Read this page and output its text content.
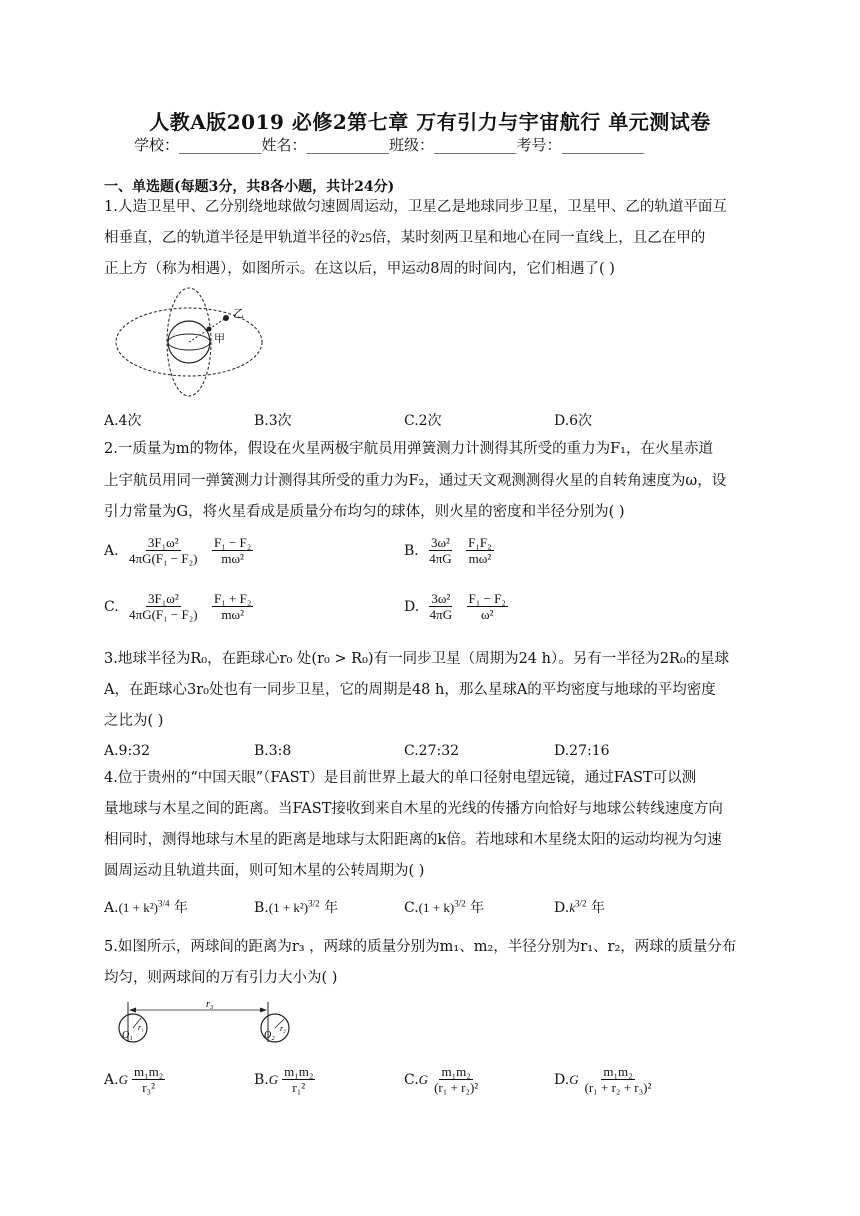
人教A版2019 必修2第七章 万有引力与宇宙航行 单元测试卷
学校：___________姓名：___________班级：___________考号：___________
一、单选题(每题3分，共8各小题，共计24分)
1.人造卫星甲、乙分别绕地球做匀速圆周运动，卫星乙是地球同步卫星，卫星甲、乙的轨道平面互
相垂直，乙的轨道半径是甲轨道半径的∛25倍，某时刻两卫星和地心在同一直线上，且乙在甲的
正上方（称为相遇），如图所示。在这以后，甲运动8周的时间内，它们相遇了( )
乙
甲
A.4次	B.3次	C.2次	D.6次
2.一质量为m的物体，假设在火星两极宇航员用弹簧测力计测得其所受的重力为F₁，在火星赤道
上宇航员用同一弹簧测力计测得其所受的重力为F₂，通过天文观测测得火星的自转角速度为ω，设
引力常量为G，将火星看成是质量分布均匀的球体，则火星的密度和半径分别为( )
A. $\frac{\text{3F₁ω²}}{\text{4πG(F₁ − F₂)}}$
$\frac{\text{F₁ − F₂}}{\text{mω²}}$	B. $\frac{\text{3ω²}}{4\pi G}$
$\frac{\text{F₁F₂}}{\text{mω²}}$
C. $\frac{\text{3F₁ω²}}{\text{4πG(F₁ − F₂)}}$
$\frac{\text{F₁ + F₂}}{\text{mω²}}$	D. $\frac{\text{3ω²}}{4\pi G}$
$\frac{\text{F₁ − F₂}}{\text{ω²}}$
3.地球半径为R₀，在距球心r₀ 处(r₀ > R₀)有一同步卫星（周期为24 h）。另有一半径为2R₀的星球
A，在距球心3r₀处也有一同步卫星，它的周期是48 h，那么星球A的平均密度与地球的平均密度
之比为( )
A.9:32	B.3:8	C.27:32	D.27:16
4.位于贵州的“中国天眼”（FAST）是目前世界上最大的单口径射电望远镜，通过FAST可以测
量地球与木星之间的距离。当FAST接收到来自木星的光线的传播方向恰好与地球公转线速度方向
相同时，测得地球与木星的距离是地球与太阳距离的k倍。若地球和木星绕太阳的运动均视为匀速
圆周运动且轨道共面，则可知木星的公转周期为( )
$A.(1 + k^2)^{3/4}$ 年	$B.(1 + k^2)^{3/2}$ 年	$C.(1 + k)^{3/2}$ 年	$D.k^{3/2}$ 年
5.如图所示，两球间的距离为r₃ ，两球的质量分别为m₁、m₂，半径分别为r₁、r₂，两球的质量分布
均匀，则两球间的万有引力大小为( )
r₃
O₁
r₁
O₂
r₂
$A.G \frac{\text{m₁m₂}}{\text{r₃²}}$	$B.G \frac{\text{m₁m₂}}{\text{r₁²}}$	$C.G \frac{\text{m₁m₂}}{\text{(r₁ + r₂)²}}$	$D.G \frac{\text{m₁m₂}}{\text{(r₁ + r₂ + r₃)²}}$
